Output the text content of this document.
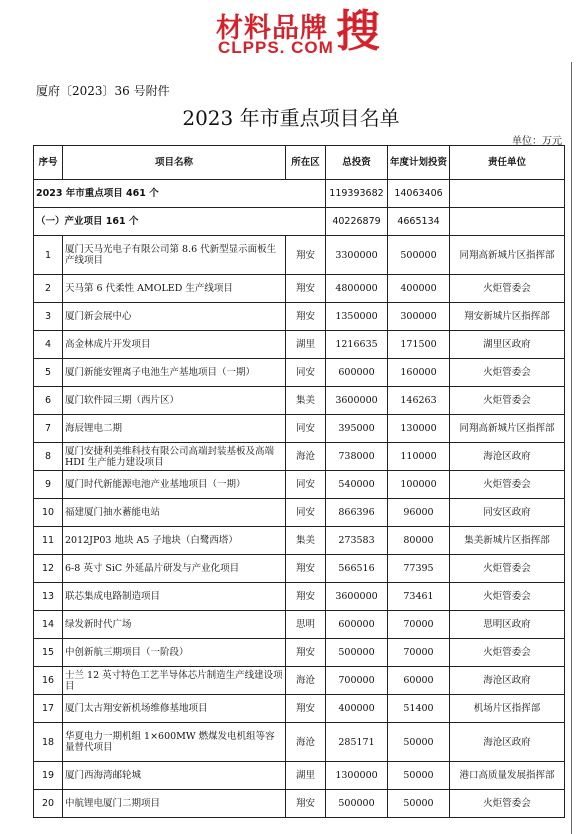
材料品牌
CLPPS. COM 搜
厦府〔2023〕36 号附件
2023 年市重点项目名单
单位：万元
序号	项目名称	所在区	总投资	年度计划投资	责任单位
2023 年市重点项目 461 个			119393682	14063406	
（一）产业项目 161 个			40226879	4665134	
1	厦门天马光电子有限公司第 8.6 代新型显示面板生产线项目	翔安	3300000	500000	同翔高新城片区指挥部
2	天马第 6 代柔性 AMOLED 生产线项目	翔安	4800000	400000	火炬管委会
3	厦门新会展中心	翔安	1350000	300000	翔安新城片区指挥部
4	高金林成片开发项目	湖里	1216635	171500	湖里区政府
5	厦门新能安锂离子电池生产基地项目（一期）	同安	600000	160000	火炬管委会
6	厦门软件园三期（西片区）	集美	3600000	146263	火炬管委会
7	海辰锂电二期	同安	395000	130000	同翔高新城片区指挥部
8	厦门安捷利美维科技有限公司高端封装基板及高端 HDI 生产能力建设项目	海沧	738000	110000	海沧区政府
9	厦门时代新能源电池产业基地项目（一期）	同安	540000	100000	火炬管委会
10	福建厦门抽水蓄能电站	同安	866396	96000	同安区政府
11	2012JP03 地块 A5 子地块（白鹭西塔）	集美	273583	80000	集美新城片区指挥部
12	6-8 英寸 SiC 外延晶片研发与产业化项目	翔安	566516	77395	火炬管委会
13	联芯集成电路制造项目	翔安	3600000	73461	火炬管委会
14	绿发新时代广场	思明	600000	70000	思明区政府
15	中创新航三期项目（一阶段）	翔安	500000	70000	火炬管委会
16	士兰 12 英寸特色工艺半导体芯片制造生产线建设项目	海沧	700000	60000	海沧区政府
17	厦门太古翔安新机场维修基地项目	翔安	400000	51400	机场片区指挥部
18	华夏电力一期机组 1×600MW 燃煤发电机组等容量替代项目	海沧	285171	50000	海沧区政府
19	厦门西海湾邮轮城	湖里	1300000	50000	港口高质量发展指挥部
20	中航锂电厦门二期项目	翔安	500000	50000	火炬管委会
